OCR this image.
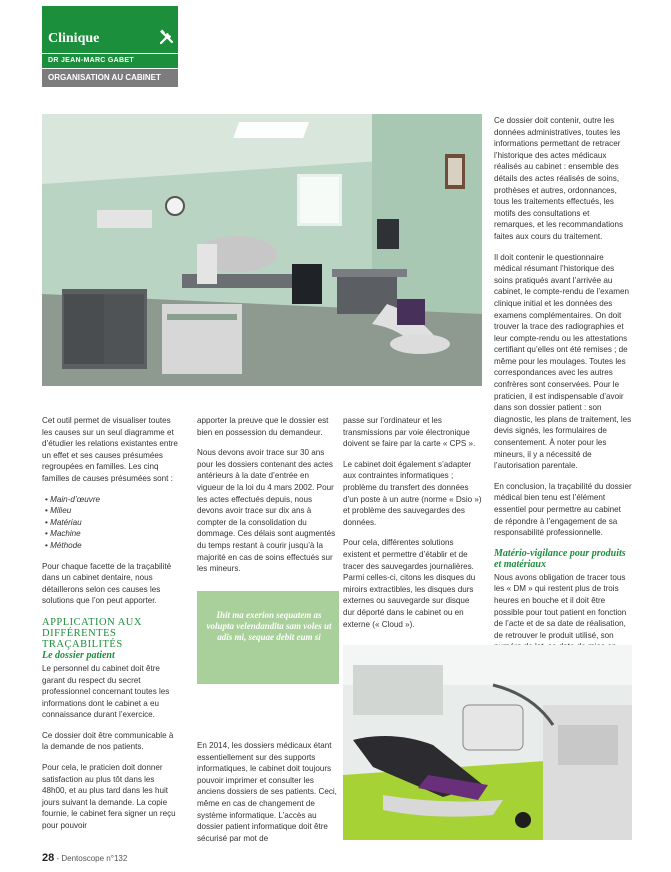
Clinique
DR JEAN-MARC GABET
ORGANISATION AU CABINET

Cet outil permet de visualiser toutes les causes sur un seul diagramme et d’étudier les relations existantes entre un effet et ses causes présumées regroupées en familles. Les cinq familles de causes présumées sont :

• Main-d’œuvre
• Milieu
• Matériau
• Machine
• Méthode

Pour chaque facette de la traçabilité dans un cabinet dentaire, nous détaillerons selon ces causes les solutions que l’on peut apporter.

APPLICATION AUX DIFFÉRENTES TRAÇABILITÉS
Le dossier patient

Le personnel du cabinet doit être garant du respect du secret professionnel concernant toutes les informations dont le cabinet a eu connaissance durant l’exercice.

Ce dossier doit être communicable à la demande de nos patients.

Pour cela, le praticien doit donner satisfaction au plus tôt dans les 48h00, et au plus tard dans les huit jours suivant la demande. La copie fournie, le cabinet fera signer un reçu pour pouvoir

apporter la preuve que le dossier est bien en possession du demandeur.

Nous devons avoir trace sur 30 ans pour les dossiers contenant des actes antérieurs à la date d’entrée en vigueur de la loi du 4 mars 2002. Pour les actes effectués depuis, nous devons avoir trace sur dix ans à compter de la consolidation du dommage. Ces délais sont augmentés du temps restant à courir jusqu’à la majorité en cas de soins effectués sur les mineurs.

Ihit ma exerion sequatem as volupta velendandita sam voles ut adis mi, sequae debit eum si

En 2014, les dossiers médicaux étant essentiellement sur des supports informatiques, le cabinet doit toujours pouvoir imprimer et consulter les anciens dossiers de ses patients. Ceci, même en cas de changement de système informatique. L’accès au dossier patient informatique doit être sécurisé par mot de

passe sur l’ordinateur et les transmissions par voie électronique doivent se faire par la carte « CPS ».

Le cabinet doit également s’adapter aux contraintes informatiques ; problème du transfert des données d’un poste à un autre (norme « Dsio ») et problème des sauvegardes des données.

Pour cela, différentes solutions existent et permettre d’établir et de tracer des sauvegardes journalières. Parmi celles-ci, citons les disques du miroirs extractibles, les disques durs externes ou sauvegarde sur disque dur déporté dans le cabinet ou en externe (« Cloud »).

Ce dossier doit contenir, outre les données administratives, toutes les informations permettant de retracer l’historique des actes médicaux réalisés au cabinet : ensemble des détails des actes réalisés de soins, prothèses et autres, ordonnances, tous les traitements effectués, les motifs des consultations et remarques, et les recommandations faites aux cours du traitement.

Il doit contenir le questionnaire médical résumant l’historique des soins pratiqués avant l’arrivée au cabinet, le compte-rendu de l’examen clinique initial et les données des examens complémentaires. On doit trouver la trace des radiographies et leur compte-rendu ou les attestations certifiant qu’elles ont été remises ; de même pour les moulages. Toutes les correspondances avec les autres confrères sont conservées. Pour le praticien, il est indispensable d’avoir dans son dossier patient : son diagnostic, les plans de traitement, les devis signés, les formulaires de consentement. À noter pour les mineurs, il y a nécessité de l’autorisation parentale.

En conclusion, la traçabilité du dossier médical bien tenu est l’élément essentiel pour permettre au cabinet de répondre à l’engagement de sa responsabilité professionnelle.

Matério-vigilance pour produits et matériaux

Nous avons obligation de tracer tous les « DM » qui restent plus de trois heures en bouche et il doit être possible pour tout patient en fonction de l’acte et de sa date de réalisation, de retrouver le produit utilisé, son

28 - Dentoscope n°132
